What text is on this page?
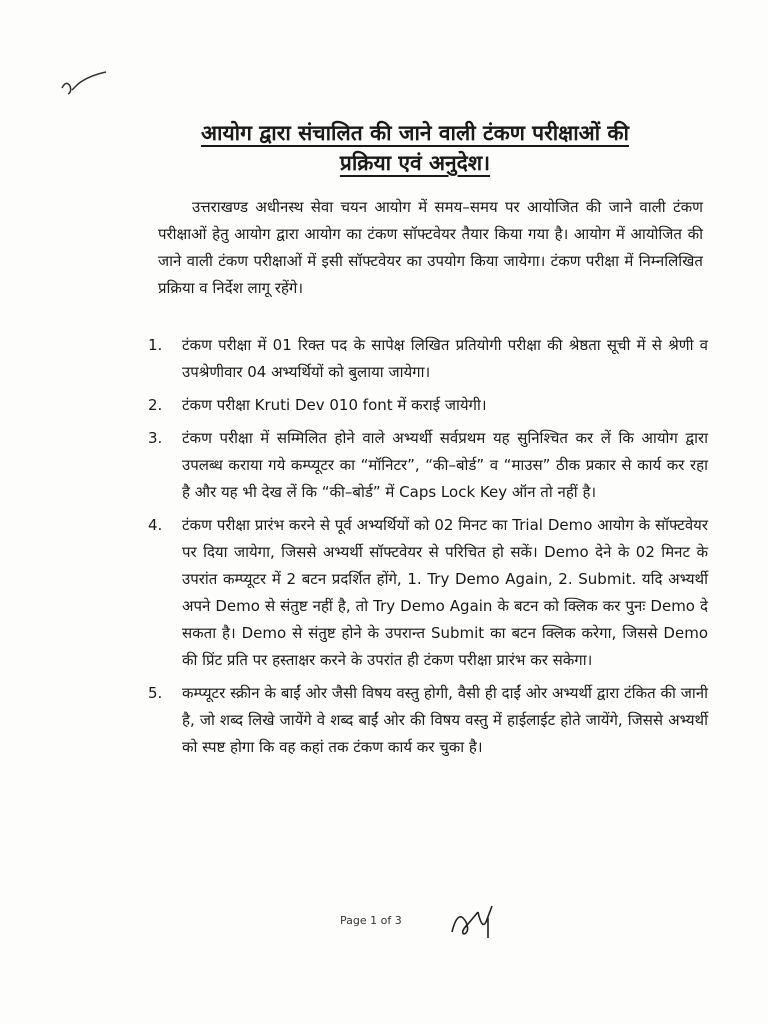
आयोग द्वारा संचालित की जाने वाली टंकण परीक्षाओं की
प्रक्रिया एवं अनुदेश।

उत्तराखण्ड अधीनस्थ सेवा चयन आयोग में समय–समय पर आयोजित की जाने वाली टंकण परीक्षाओं हेतु आयोग द्वारा आयोग का टंकण सॉफ्टवेयर तैयार किया गया है। आयोग में आयोजित की जाने वाली टंकण परीक्षाओं में इसी सॉफ्टवेयर का उपयोग किया जायेगा। टंकण परीक्षा में निम्नलिखित प्रक्रिया व निर्देश लागू रहेंगे।

1.	टंकण परीक्षा में 01 रिक्त पद के सापेक्ष लिखित प्रतियोगी परीक्षा की श्रेष्ठता सूची में से श्रेणी व उपश्रेणीवार 04 अभ्यर्थियों को बुलाया जायेगा।
2.	टंकण परीक्षा Kruti Dev 010 font में कराई जायेगी।
3.	टंकण परीक्षा में सम्मिलित होने वाले अभ्यर्थी सर्वप्रथम यह सुनिश्चित कर लें कि आयोग द्वारा उपलब्ध कराया गये कम्प्यूटर का “मॉनिटर”, “की–बोर्ड” व “माउस” ठीक प्रकार से कार्य कर रहा है और यह भी देख लें कि “की–बोर्ड” में Caps Lock Key ऑन तो नहीं है।
4.	टंकण परीक्षा प्रारंभ करने से पूर्व अभ्यर्थियों को 02 मिनट का Trial Demo आयोग के सॉफ्टवेयर पर दिया जायेगा, जिससे अभ्यर्थी सॉफ्टवेयर से परिचित हो सकें। Demo देने के 02 मिनट के उपरांत कम्प्यूटर में 2 बटन प्रदर्शित होंगे, 1. Try Demo Again, 2. Submit. यदि अभ्यर्थी अपने Demo से संतुष्ट नहीं है, तो Try Demo Again के बटन को क्लिक कर पुनः Demo दे सकता है। Demo से संतुष्ट होने के उपरान्त Submit का बटन क्लिक करेगा, जिससे Demo की प्रिंट प्रति पर हस्ताक्षर करने के उपरांत ही टंकण परीक्षा प्रारंभ कर सकेगा।
5.	कम्प्यूटर स्क्रीन के बाईं ओर जैसी विषय वस्तु होगी, वैसी ही दाईं ओर अभ्यर्थी द्वारा टंकित की जानी है, जो शब्द लिखे जायेंगे वे शब्द बाईं ओर की विषय वस्तु में हाईलाईट होते जायेंगे, जिससे अभ्यर्थी को स्पष्ट होगा कि वह कहां तक टंकण कार्य कर चुका है।
Page 1 of 3
